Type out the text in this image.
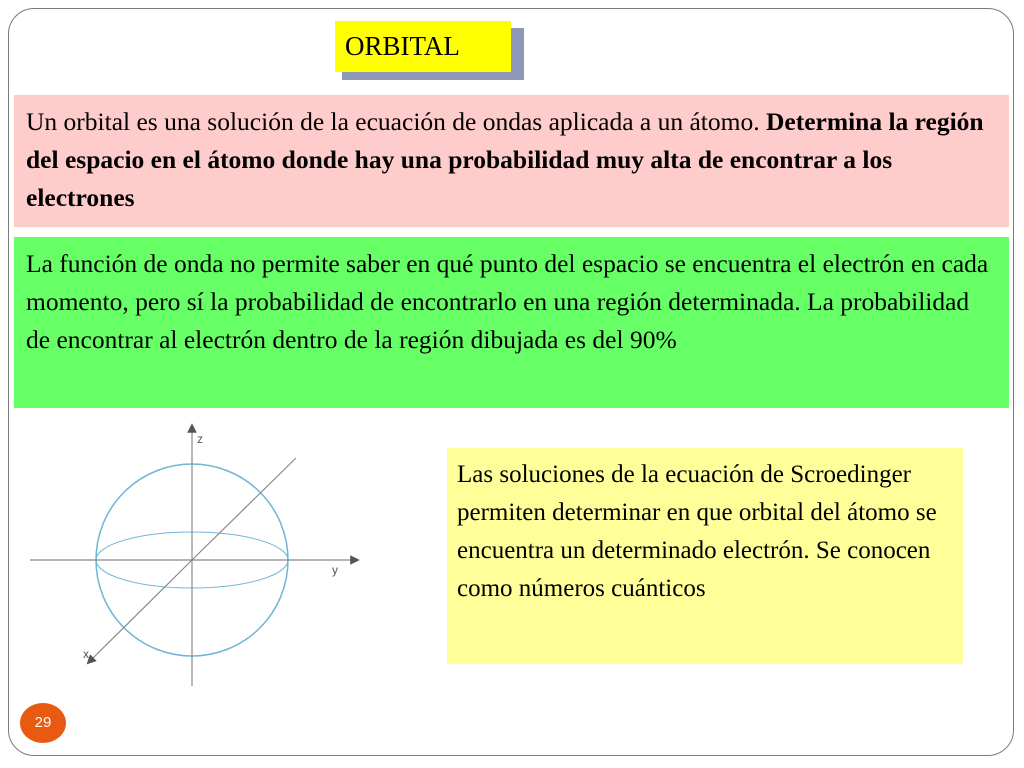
ORBITAL
Un orbital es una solución de la ecuación de ondas aplicada a un átomo. Determina la región del espacio en el átomo donde hay una probabilidad muy alta de encontrar a los electrones
La función de onda no permite saber en qué punto del espacio se encuentra el electrón en cada momento, pero sí la probabilidad de encontrarlo en una región determinada. La probabilidad de encontrar al electrón dentro de la región dibujada es del 90%
z
y
x
Las soluciones de la ecuación de Scroedinger permiten determinar en que orbital del átomo se encuentra un determinado electrón. Se conocen como números cuánticos
29
